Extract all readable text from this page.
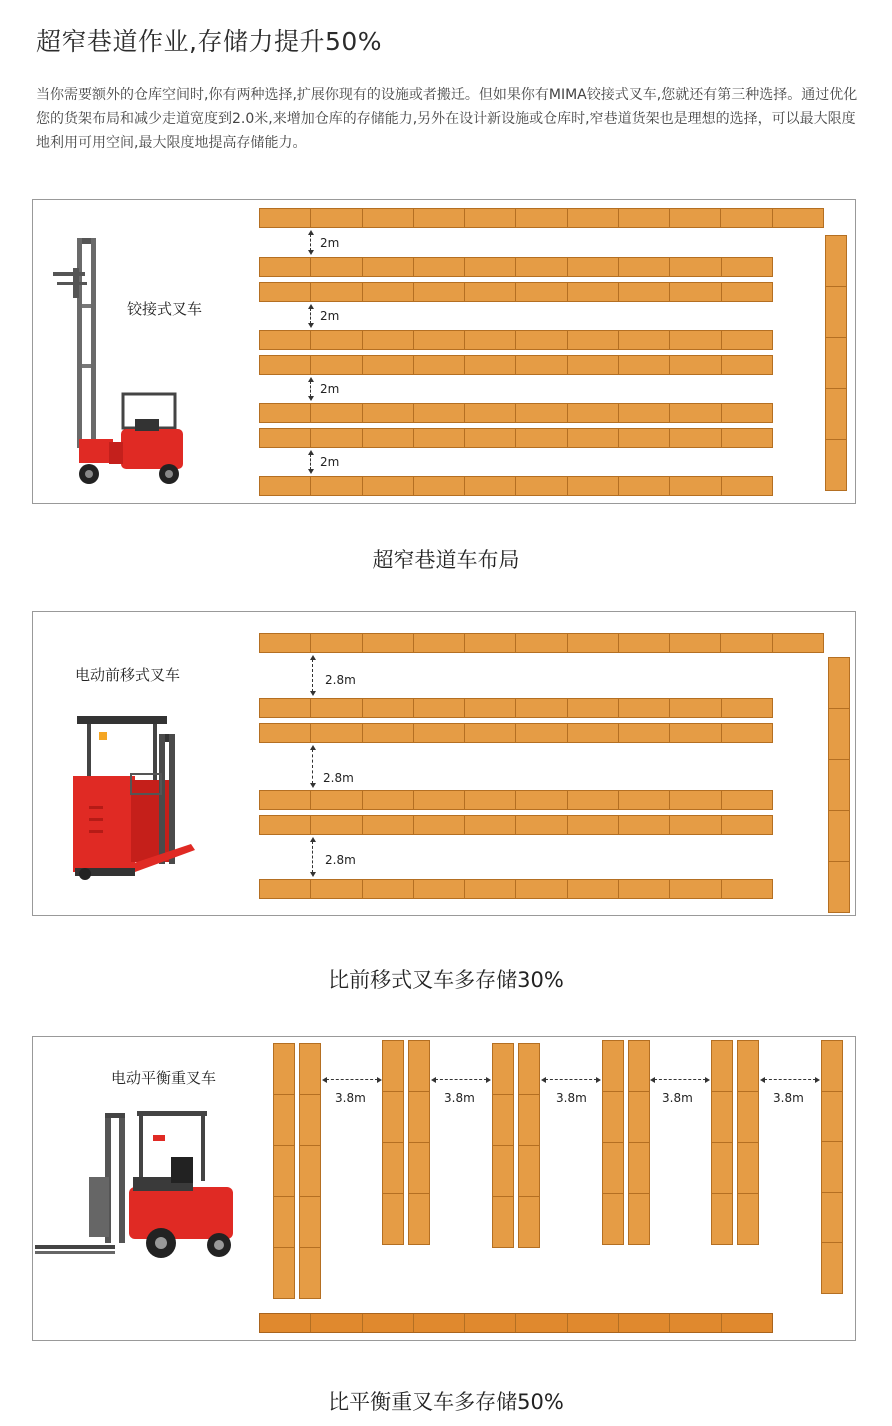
超窄巷道作业,存储力提升50%
当你需要额外的仓库空间时,你有两种选择,扩展你现有的设施或者搬迁。但如果你有MIMA铰接式叉车,您就还有第三种选择。通过优化您的货架布局和减少走道宽度到2.0米,来增加仓库的存储能力,另外在设计新设施或仓库时,窄巷道货架也是理想的选择，可以最大限度地利用可用空间,最大限度地提高存储能力。
铰接式叉车
2m
2m
2m
2m
超窄巷道车布局
电动前移式叉车	2.8m
2.8m
2.8m
比前移式叉车多存储30%
电动平衡重叉车
3.8m	3.8m	3.8m	3.8m	3.8m
比平衡重叉车多存储50%
